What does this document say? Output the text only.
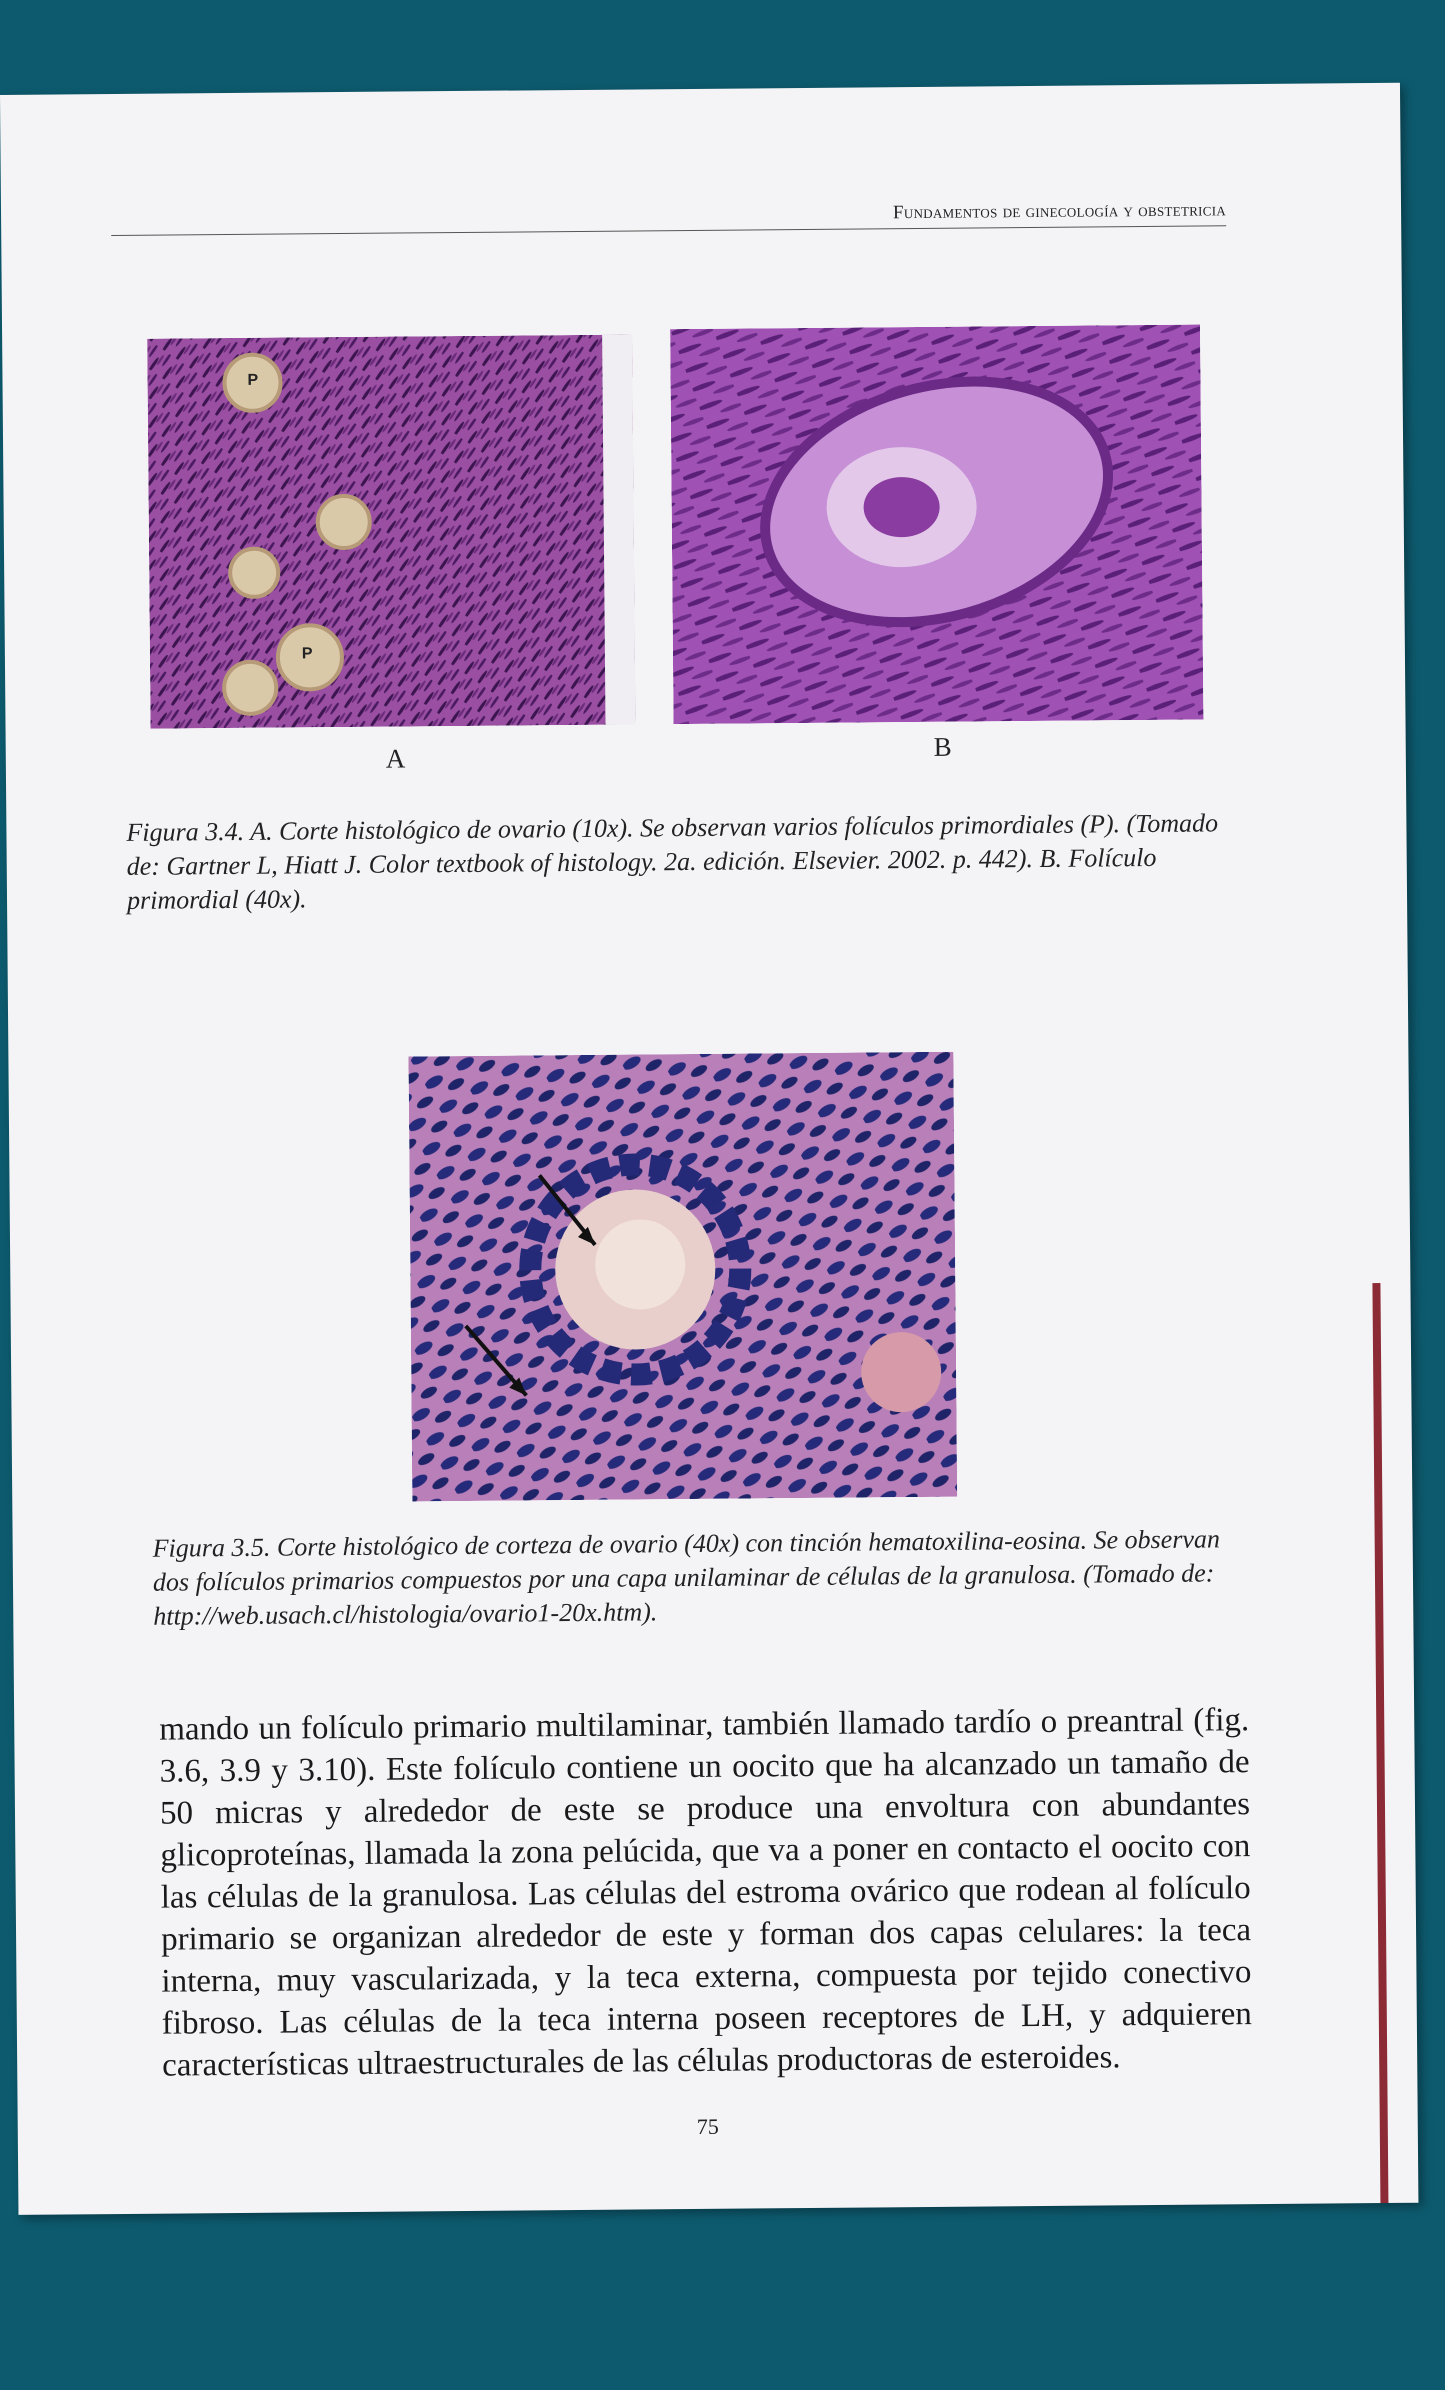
Fundamentos de ginecología y obstetricia
P
P
A	B
Figura 3.4. A. Corte histológico de ovario (10x). Se observan varios folículos primordiales (P). (Tomado de: Gartner L, Hiatt J. Color textbook of histology. 2a. edición. Elsevier. 2002. p. 442). B. Folículo primordial (40x).
Figura 3.5. Corte histológico de corteza de ovario (40x) con tinción hematoxilina-eosina. Se observan dos folículos primarios compuestos por una capa unilaminar de células de la granulosa. (Tomado de: http://web.usach.cl/histologia/ovario1-20x.htm).

mando un folículo primario multilaminar, también llamado tardío o preantral (fig. 3.6, 3.9 y 3.10). Este folículo contiene un oocito que ha alcanzado un tamaño de 50 micras y alrededor de este se produce una envoltura con abundantes glicoproteínas, llamada la zona pelúcida, que va a poner en contacto el oocito con las células de la granulosa. Las células del estroma ovárico que rodean al folículo primario se organizan alrededor de este y forman dos capas celulares: la teca interna, muy vascularizada, y la teca externa, compuesta por tejido conectivo fibroso. Las células de la teca interna poseen receptores de LH, y adquieren características ultraestructurales de las células productoras de esteroides.

75
